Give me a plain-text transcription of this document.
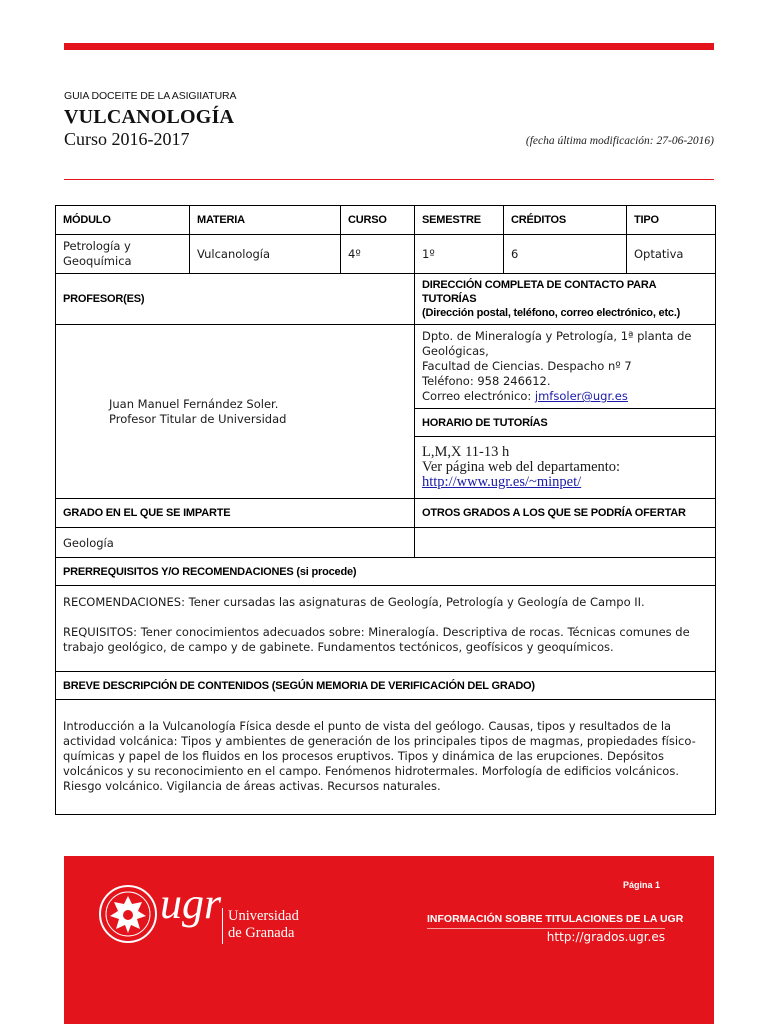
GUIA DOCEITE DE LA ASIGIIATURA
VULCANOLOGÍA
Curso 2016-2017	(fecha última modificación: 27-06-2016)
MÓDULO	MATERIA	CURSO	SEMESTRE	CRÉDITOS	TIPO
Petrología y Geoquímica	Vulcanología	4º	1º	6	Optativa
PROFESOR(ES)			DIRECCIÓN COMPLETA DE CONTACTO PARA TUTORÍAS
(Dirección postal, teléfono, correo electrónico, etc.)		
Juan Manuel Fernández Soler.
Profesor Titular de Universidad			Dpto. de Mineralogía y Petrología, 1ª planta de Geológicas,
Facultad de Ciencias. Despacho nº 7
Teléfono: 958 246612.
Correo electrónico: jmfsoler@ugr.es		
			HORARIO DE TUTORÍAS		
			L,M,X 11-13 h
Ver página web del departamento:
http://www.ugr.es/~minpet/		
GRADO EN EL QUE SE IMPARTE			OTROS GRADOS A LOS QUE SE PODRÍA OFERTAR		
Geología					
PRERREQUISITOS Y/O RECOMENDACIONES (si procede)					

RECOMENDACIONES: Tener cursadas las asignaturas de Geología, Petrología y Geología de Campo II.
REQUISITOS: Tener conocimientos adecuados sobre: Mineralogía. Descriptiva de rocas. Técnicas comunes de trabajo geológico, de campo y de gabinete. Fundamentos tectónicos, geofísicos y geoquímicos.					

BREVE DESCRIPCIÓN DE CONTENIDOS (SEGÚN MEMORIA DE VERIFICACIÓN DEL GRADO)					
Introducción a la Vulcanología Física desde el punto de vista del geólogo. Causas, tipos y resultados de la actividad volcánica: Tipos y ambientes de generación de los principales tipos de magmas, propiedades físico-químicas y papel de los fluidos en los procesos eruptivos. Tipos y dinámica de las erupciones. Depósitos volcánicos y su reconocimiento en el campo. Fenómenos hidrotermales. Morfología de edificios volcánicos. Riesgo volcánico. Vigilancia de áreas activas. Recursos naturales.					
Página 1
ugr Universidad
de Granada
INFORMACIÓN SOBRE TITULACIONES DE LA UGR
http://grados.ugr.es
